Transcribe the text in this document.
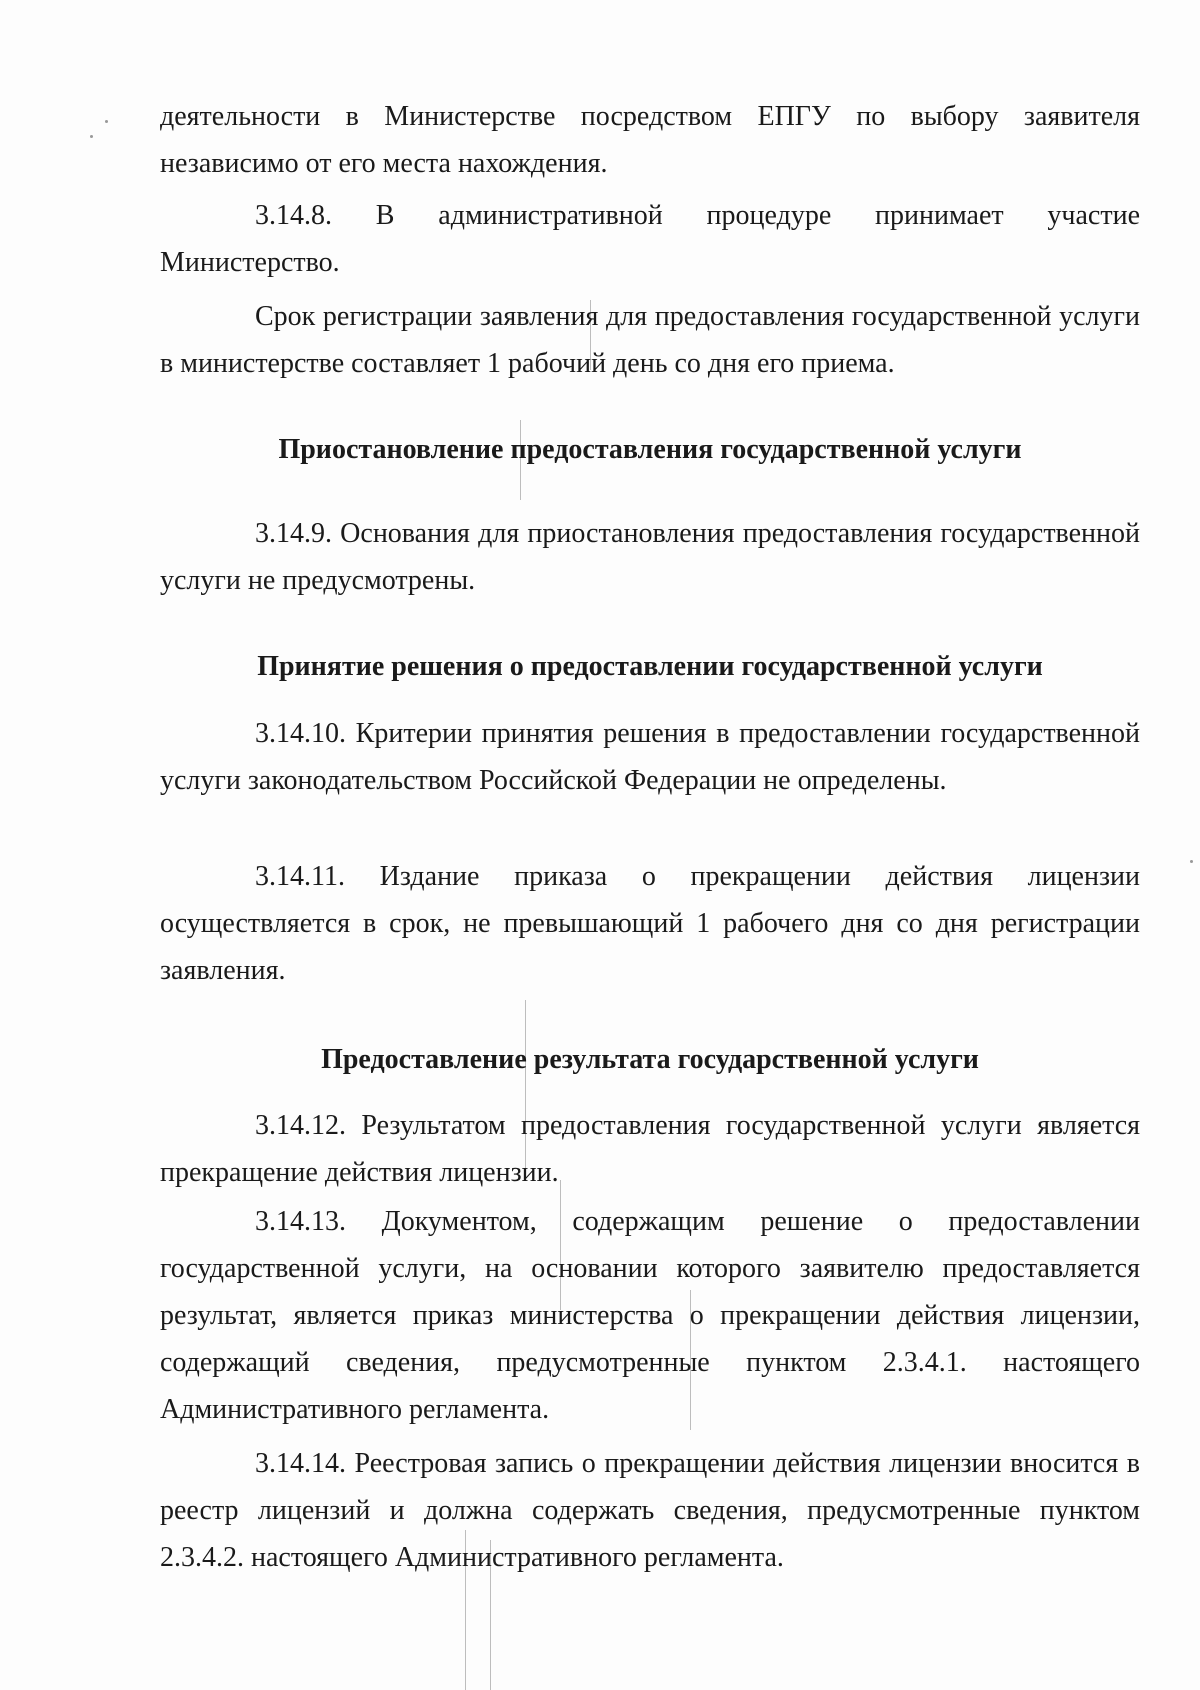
деятельности в Министерстве посредством ЕПГУ по выбору заявителя независимо от его места нахождения.
3.14.8. В административной процедуре принимает участие Министерство.
Срок регистрации заявления для предоставления государственной услуги в министерстве составляет 1 рабочий день со дня его приема.
Приостановление предоставления государственной услуги
3.14.9. Основания для приостановления предоставления государственной услуги не предусмотрены.
Принятие решения о предоставлении государственной услуги
3.14.10. Критерии принятия решения в предоставлении государственной услуги законодательством Российской Федерации не определены.
3.14.11. Издание приказа о прекращении действия лицензии осуществляется в срок, не превышающий 1 рабочего дня со дня регистрации заявления.
Предоставление результата государственной услуги
3.14.12. Результатом предоставления государственной услуги является прекращение действия лицензии.
3.14.13. Документом, содержащим решение о предоставлении государственной услуги, на основании которого заявителю предоставляется результат, является приказ министерства о прекращении действия лицензии, содержащий сведения, предусмотренные пунктом 2.3.4.1. настоящего Административного регламента.
3.14.14. Реестровая запись о прекращении действия лицензии вносится в реестр лицензий и должна содержать сведения, предусмотренные пунктом 2.3.4.2. настоящего Административного регламента.
